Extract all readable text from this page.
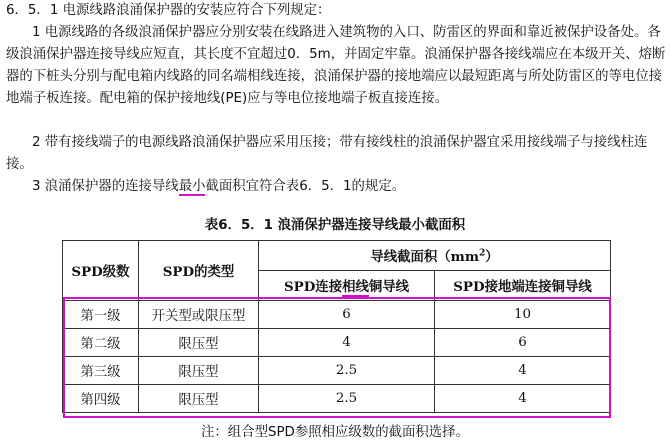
6．5．1 电源线路浪涌保护器的安装应符合下列规定：

1 电源线路的各级浪涌保护器应分别安装在线路进入建筑物的入口、防雷区的界面和靠近被保护设备处。各级浪涌保护器连接导线应短直，其长度不宜超过0．5m，并固定牢靠。浪涌保护器各接线端应在本级开关、熔断器的下桩头分别与配电箱内线路的同名端相线连接，浪涌保护器的接地端应以最短距离与所处防雷区的等电位接地端子板连接。配电箱的保护接地线(PE)应与等电位接地端子板直接连接。

2 带有接线端子的电源线路浪涌保护器应采用压接；带有接线柱的浪涌保护器宜采用接线端子与接线柱连接。

3 浪涌保护器的连接导线最小截面积宜符合表6．5．1的规定。

表6．5．1 浪涌保护器连接导线最小截面积
SPD级数	SPD的类型	导线截面积$(mm^2)$	
		SPD连接相线铜导线	SPD接地端连接铜导线
第一级	开关型或限压型	6	10
第二级	限压型	4	6
第三级	限压型	2.5	4
第四级	限压型	2.5	4
注：组合型SPD参照相应级数的截面积选择。
